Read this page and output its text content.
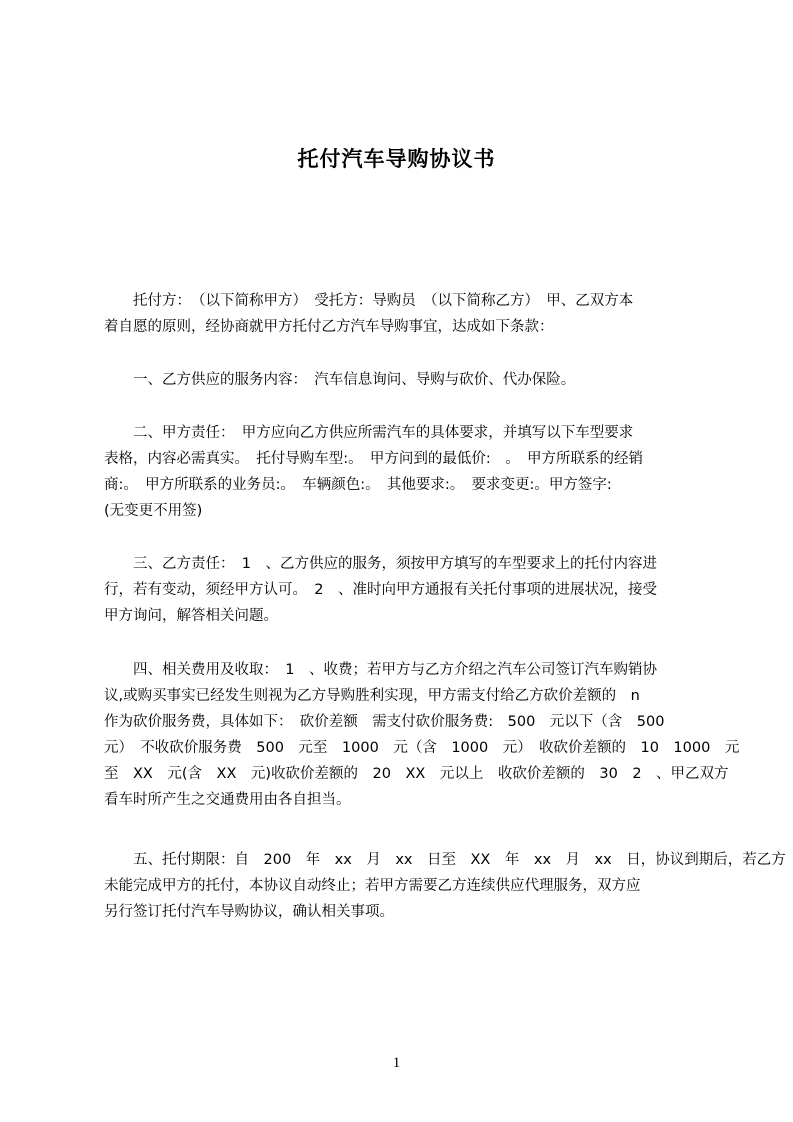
托付汽车导购协议书
　　托付方：　（以下简称甲方）　受托方：导购员　（以下简称乙方）　甲、乙双方本
着自愿的原则，经协商就甲方托付乙方汽车导购事宜，达成如下条款：
　　一、乙方供应的服务内容：　汽车信息询问、导购与砍价、代办保险。
　　二、甲方责任：　甲方应向乙方供应所需汽车的具体要求，并填写以下车型要求
表格，内容必需真实。　托付导购车型:。　甲方问到的最低价:　。　甲方所联系的经销
商:。　甲方所联系的业务员:。　车辆颜色:。　其他要求:。　要求变更:。甲方签字:
(无变更不用签)
　　三、乙方责任：　1　、乙方供应的服务，须按甲方填写的车型要求上的托付内容进
行，若有变动，须经甲方认可。　2　、准时向甲方通报有关托付事项的进展状况，接受
甲方询问，解答相关问题。
　　四、相关费用及收取：　1　、收费；若甲方与乙方介绍之汽车公司签订汽车购销协
议,或购买事实已经发生则视为乙方导购胜利实现，甲方需支付给乙方砍价差额的　n
作为砍价服务费，具体如下：　砍价差额　需支付砍价服务费:　500　元以下（含　500
元）　不收砍价服务费　500　元至　1000　元（含　1000　元）　收砍价差额的　10　1000　元
至　XX　元(含　XX　元)收砍价差额的　20　XX　元以上　收砍价差额的　30　2　、甲乙双方
看车时所产生之交通费用由各自担当。
　　五、托付期限：自　200　年　xx　月　xx　日至　XX　年　xx　月　xx　日，协议到期后，若乙方
未能完成甲方的托付，本协议自动终止；若甲方需要乙方连续供应代理服务，双方应
另行签订托付汽车导购协议，确认相关事项。
1
